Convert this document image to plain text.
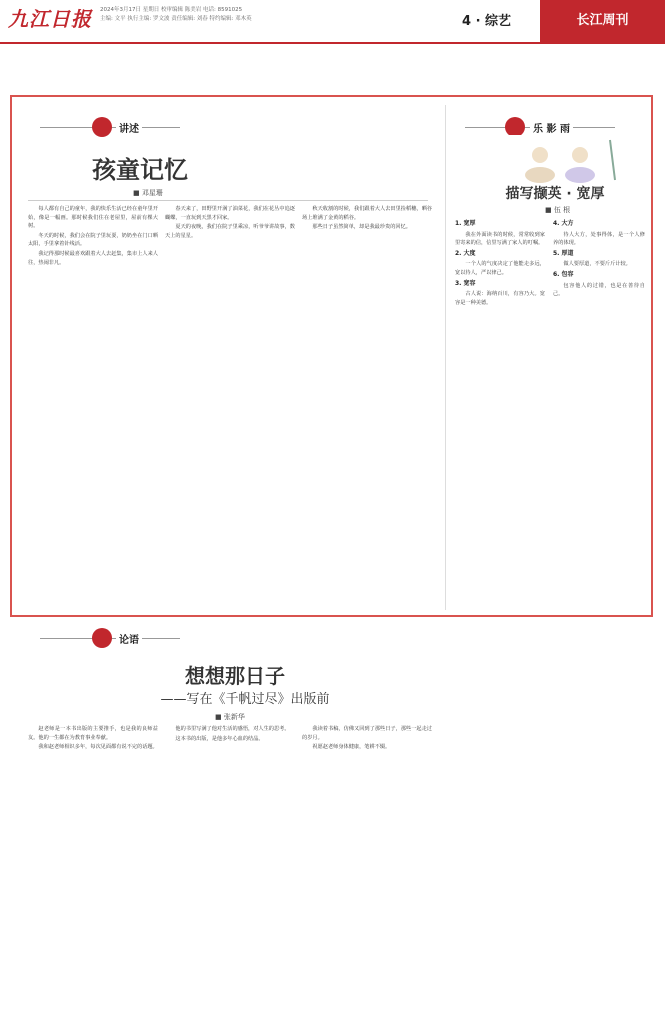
九江日报 2024年3月17日 星期日 校审编辑 陈美岩 电话: 8591025
主编: 文平 执行主编: 罗文波 责任编辑: 刘春 特约编辑: 邓木英	4 · 综艺	长江周刊
讲述
孩童记忆
■ 邓星珊

每人都有自己的童年，我的快乐生活已经在童年里开始，像是一幅画。那时候我们住在老屋里，屋前有棵大树。

冬天的时候，我们会在院子里玩耍，奶奶坐在门口晒太阳，手里拿着针线活。

我记得那时候最喜欢跟着大人去赶集，集市上人来人往，热闹非凡。

春天来了，田野里开满了油菜花，我们在花丛中追逐蝴蝶，一直玩到天黑才回家。

夏天的夜晚，我们在院子里乘凉，听爷爷讲故事，数天上的星星。

秋天收割的时候，我们跟着大人去田里捡稻穗，晒谷场上堆满了金黄的稻谷。

那些日子虽然简单，却是我最珍贵的回忆。

乐 影 雨
描写撷英 · 宽厚
■ 伍 根
1. 宽厚

我在外面读书的时候，常常收到家里寄来的信，信里写满了家人的叮嘱。

2. 大度

一个人的气度决定了他能走多远，宽以待人，严以律己。

3. 宽容

古人说：海纳百川，有容乃大。宽容是一种美德。

4. 大方

待人大方，处事得体，是一个人修养的体现。

5. 厚道

做人要厚道，不要斤斤计较。

6. 包容

包容他人的过错，也是在善待自己。

论语
想想那日子
——写在《千帆过尽》出版前
■ 张新华

赵老师是一本书出版的主要推手，也是我的良师益友。他的一生都在为教育事业奉献。

我和赵老师相识多年，每次见面都有说不完的话题。

他的书里写满了他对生活的感悟，对人生的思考。

这本书的出版，是他多年心血的结晶。

我读着书稿，仿佛又回到了那些日子，那些一起走过的岁月。

祝愿赵老师身体健康，笔耕不辍。
